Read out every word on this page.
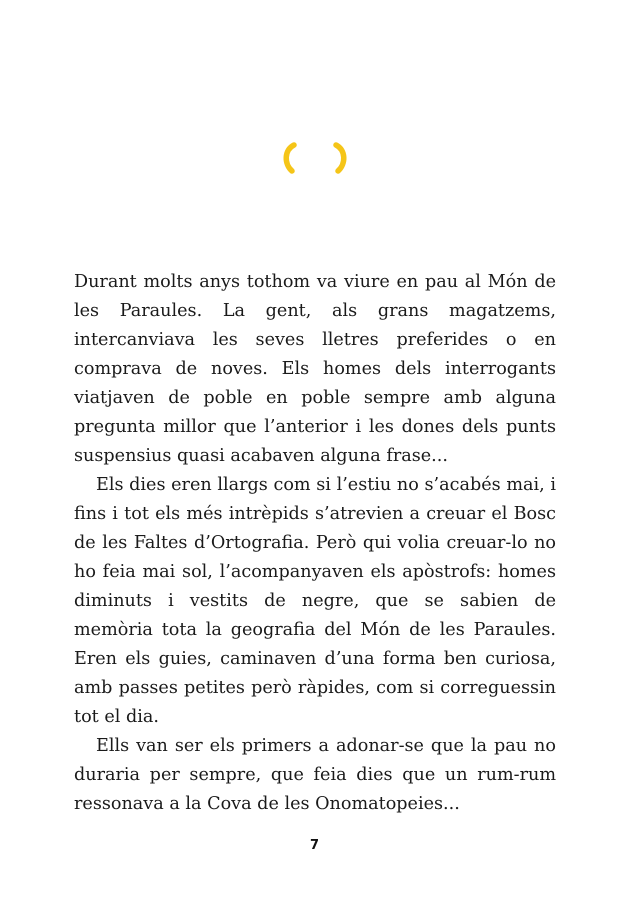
Durant molts anys tothom va viure en pau al Món de les Paraules. La gent, als grans magatzems, intercanviava les seves lletres preferides o en comprava de noves. Els homes dels interrogants viatjaven de poble en poble sempre amb alguna pregunta millor que l’anterior i les dones dels punts suspensius quasi acabaven alguna frase...

Els dies eren llargs com si l’estiu no s’acabés mai, i fins i tot els més intrèpids s’atrevien a creuar el Bosc de les Faltes d’Ortografia. Però qui volia creuar-lo no ho feia mai sol, l’acompanyaven els apòstrofs: homes diminuts i vestits de negre, que se sabien de memòria tota la geografia del Món de les Paraules. Eren els guies, caminaven d’una forma ben curiosa, amb passes petites però ràpides, com si correguessin tot el dia.

Ells van ser els primers a adonar-se que la pau no duraria per sempre, que feia dies que un rum-rum ressonava a la Cova de les Onomatopeies...

7
